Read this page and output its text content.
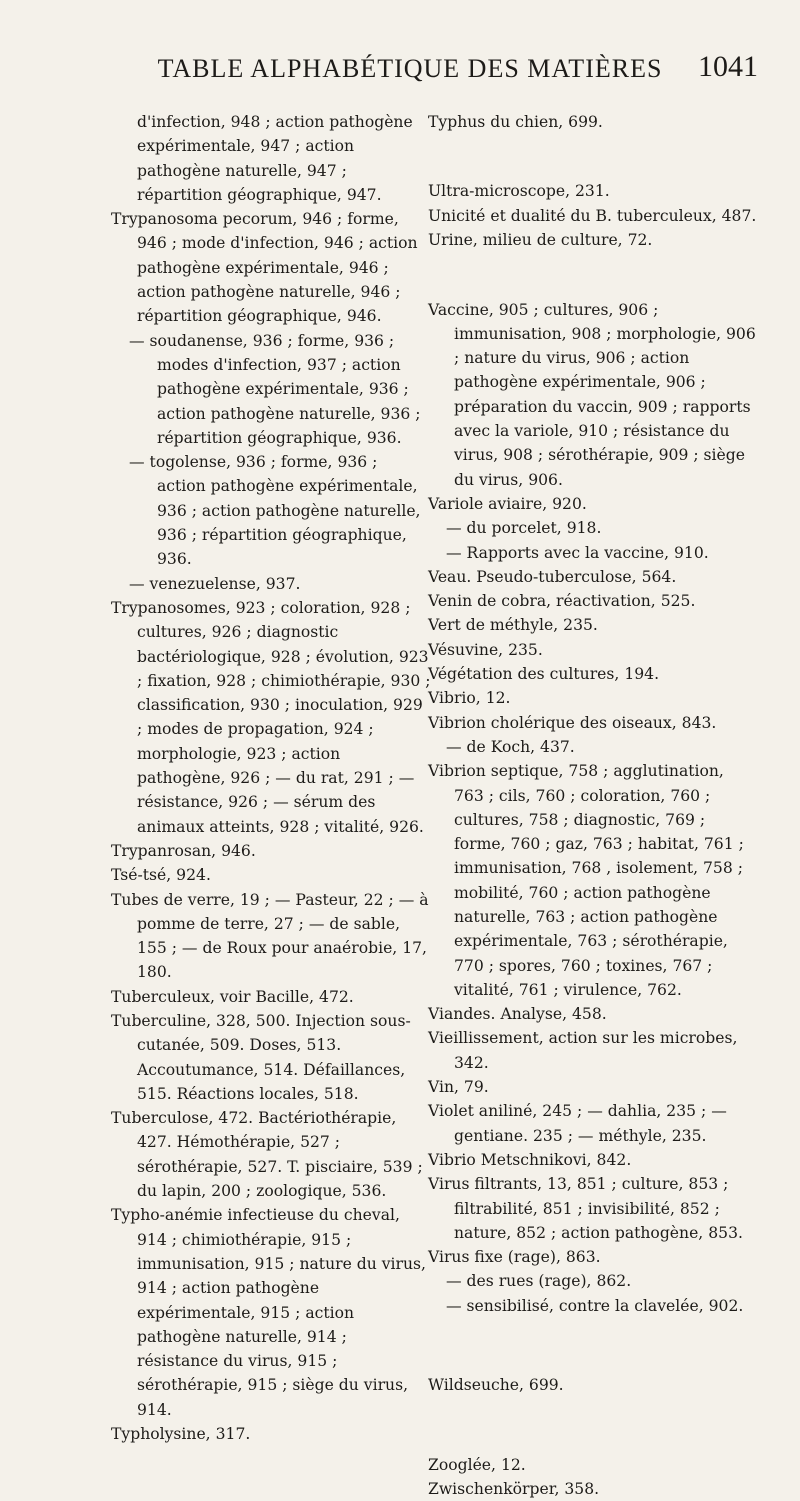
TABLE ALPHABÉTIQUE DES MATIÈRES	1041

d'infection, 948 ; action pathogène expérimentale, 947 ; action pathogène naturelle, 947 ; répartition géographique, 947.

Trypanosoma pecorum, 946 ; forme, 946 ; mode d'infection, 946 ; action pathogène expérimentale, 946 ; action pathogène naturelle, 946 ; répartition géographique, 946.

— soudanense, 936 ; forme, 936 ; modes d'infection, 937 ; action pathogène expérimentale, 936 ; action pathogène naturelle, 936 ; répartition géographique, 936.

— togolense, 936 ; forme, 936 ; action pathogène expérimentale, 936 ; action pathogène naturelle, 936 ; répartition géographique, 936.

— venezuelense, 937.

Trypanosomes, 923 ; coloration, 928 ; cultures, 926 ; diagnostic bactériologique, 928 ; évolution, 923 ; fixation, 928 ; chimiothérapie, 930 ; classification, 930 ; inoculation, 929 ; modes de propagation, 924 ; morphologie, 923 ; action pathogène, 926 ; — du rat, 291 ; — résistance, 926 ; — sérum des animaux atteints, 928 ; vitalité, 926.

Trypanrosan, 946.

Tsé-tsé, 924.

Tubes de verre, 19 ; — Pasteur, 22 ; — à pomme de terre, 27 ; — de sable, 155 ; — de Roux pour anaérobie, 17, 180.

Tuberculeux, voir Bacille, 472.

Tuberculine, 328, 500. Injection sous-cutanée, 509. Doses, 513. Accoutumance, 514. Défaillances, 515. Réactions locales, 518.

Tuberculose, 472. Bactériothérapie, 427. Hémothérapie, 527 ; sérothérapie, 527. T. pisciaire, 539 ; du lapin, 200 ; zoologique, 536.

Typho-anémie infectieuse du cheval, 914 ; chimiothérapie, 915 ; immunisation, 915 ; nature du virus, 914 ; action pathogène expérimentale, 915 ; action pathogène naturelle, 914 ; résistance du virus, 915 ; sérothérapie, 915 ; siège du virus, 914.

Typholysine, 317.

Typhus du chien, 699.

Ultra-microscope, 231.

Unicité et dualité du B. tuberculeux, 487.

Urine, milieu de culture, 72.

Vaccine, 905 ; cultures, 906 ; immunisation, 908 ; morphologie, 906 ; nature du virus, 906 ; action pathogène expérimentale, 906 ; préparation du vaccin, 909 ; rapports avec la variole, 910 ; résistance du virus, 908 ; sérothérapie, 909 ; siège du virus, 906.

Variole aviaire, 920.

— du porcelet, 918.

— Rapports avec la vaccine, 910.

Veau. Pseudo-tuberculose, 564.

Venin de cobra, réactivation, 525.

Vert de méthyle, 235.

Vésuvine, 235.

Végétation des cultures, 194.

Vibrio, 12.

Vibrion cholérique des oiseaux, 843.

— de Koch, 437.

Vibrion septique, 758 ; agglutination, 763 ; cils, 760 ; coloration, 760 ; cultures, 758 ; diagnostic, 769 ; forme, 760 ; gaz, 763 ; habitat, 761 ; immunisation, 768 , isolement, 758 ; mobilité, 760 ; action pathogène naturelle, 763 ; action pathogène expérimentale, 763 ; sérothérapie, 770 ; spores, 760 ; toxines, 767 ; vitalité, 761 ; virulence, 762.

Viandes. Analyse, 458.

Vieillissement, action sur les microbes, 342.

Vin, 79.

Violet aniliné, 245 ; — dahlia, 235 ; — gentiane. 235 ; — méthyle, 235.

Vibrio Metschnikovi, 842.

Virus filtrants, 13, 851 ; culture, 853 ; filtrabilité, 851 ; invisibilité, 852 ; nature, 852 ; action pathogène, 853.

Virus fixe (rage), 863.

— des rues (rage), 862.

— sensibilisé, contre la clavelée, 902.

Wildseuche, 699.

Zooglée, 12.

Zwischenkörper, 358.
